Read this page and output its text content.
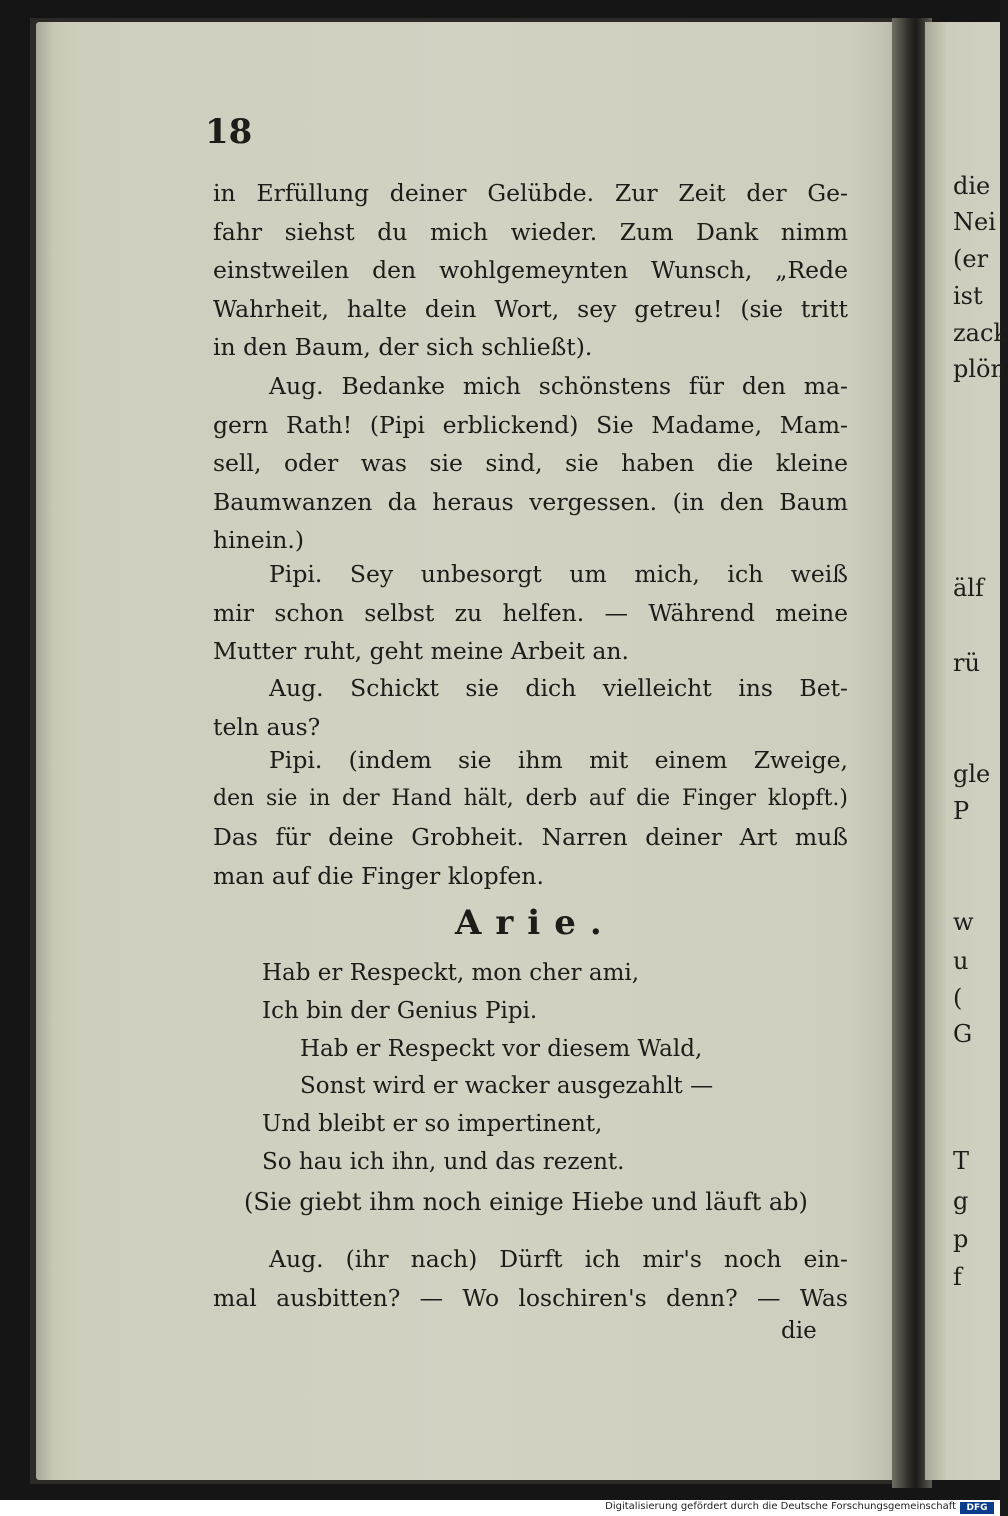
die
Nei
(er
ist
zack
plön
älf
rü
gle
P
w
u
(
G
T
g
p
f
18
in Erfüllung deiner Gelübde. Zur Zeit der Ge-
fahr siehst du mich wieder. Zum Dank nimm
einstweilen den wohlgemeynten Wunsch, „Rede
Wahrheit, halte dein Wort, sey getreu! (sie tritt
in den Baum, der sich schließt).
Aug. Bedanke mich schönstens für den ma-
gern Rath! (Pipi erblickend) Sie Madame, Mam-
sell, oder was sie sind, sie haben die kleine
Baumwanzen da heraus vergessen. (in den Baum
hinein.)
Pipi. Sey unbesorgt um mich, ich weiß
mir schon selbst zu helfen. — Während meine
Mutter ruht, geht meine Arbeit an.
Aug. Schickt sie dich vielleicht ins Bet-
teln aus?
Pipi. (indem sie ihm mit einem Zweige,
den sie in der Hand hält, derb auf die Finger klopft.)
Das für deine Grobheit. Narren deiner Art muß
man auf die Finger klopfen.
Arie.
Hab er Respeckt, mon cher ami,
Ich bin der Genius Pipi.
Hab er Respeckt vor diesem Wald,
Sonst wird er wacker ausgezahlt —
Und bleibt er so impertinent,
So hau ich ihn, und das rezent.
(Sie giebt ihm noch einige Hiebe und läuft ab)
Aug. (ihr nach) Dürft ich mir's noch ein-
mal ausbitten? — Wo loschiren's denn? — Was
die
Digitalisierung gefördert durch die Deutsche Forschungsgemeinschaft	DFG
